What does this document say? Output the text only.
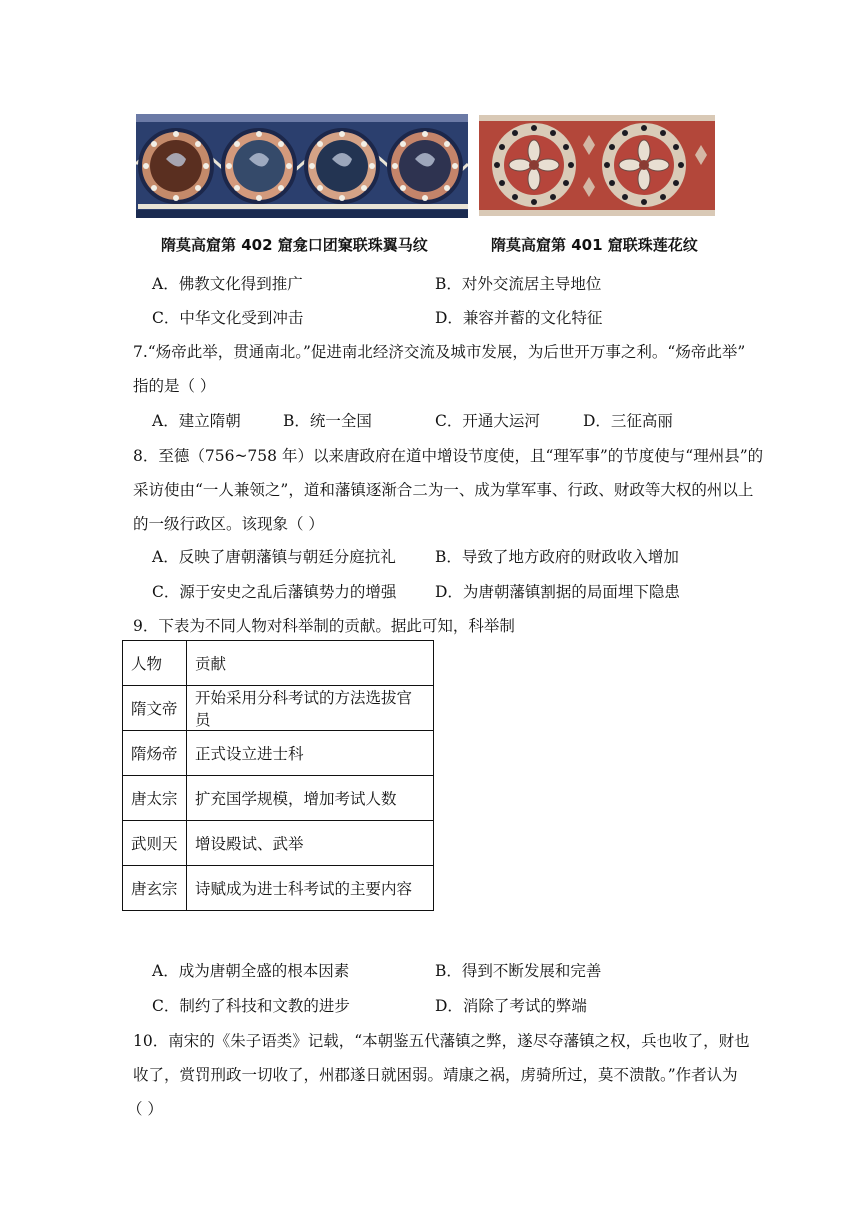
隋莫高窟第 402 窟龛口团窠联珠翼马纹	隋莫高窟第 401 窟联珠莲花纹
A．佛教文化得到推广	B．对外交流居主导地位
C．中华文化受到冲击	D．兼容并蓄的文化特征
7.“炀帝此举，贯通南北。”促进南北经济交流及城市发展，为后世开万事之利。“炀帝此举”
指的是（ ）
A．建立隋朝	B．统一全国	C．开通大运河	D．三征高丽
8．至德（756~758 年）以来唐政府在道中增设节度使，且“理军事”的节度使与“理州县”的
采访使由“一人兼领之”，道和藩镇逐渐合二为一、成为掌军事、行政、财政等大权的州以上
的一级行政区。该现象（ ）
A．反映了唐朝藩镇与朝廷分庭抗礼	B．导致了地方政府的财政收入增加
C．源于安史之乱后藩镇势力的增强 D．为唐朝藩镇割据的局面埋下隐患
9．下表为不同人物对科举制的贡献。据此可知，科举制
人物	贡献
隋文帝	开始采用分科考试的方法选拔官员
隋炀帝	正式设立进士科
唐太宗	扩充国学规模，增加考试人数
武则天	增设殿试、武举
唐玄宗	诗赋成为进士科考试的主要内容
A．成为唐朝全盛的根本因素	B．得到不断发展和完善
C．制约了科技和文教的进步	D．消除了考试的弊端
10．南宋的《朱子语类》记载，“本朝鉴五代藩镇之弊，遂尽夺藩镇之权，兵也收了，财也
收了，赏罚刑政一切收了，州郡遂日就困弱。靖康之祸，虏骑所过，莫不溃散。”作者认为
（ ）
